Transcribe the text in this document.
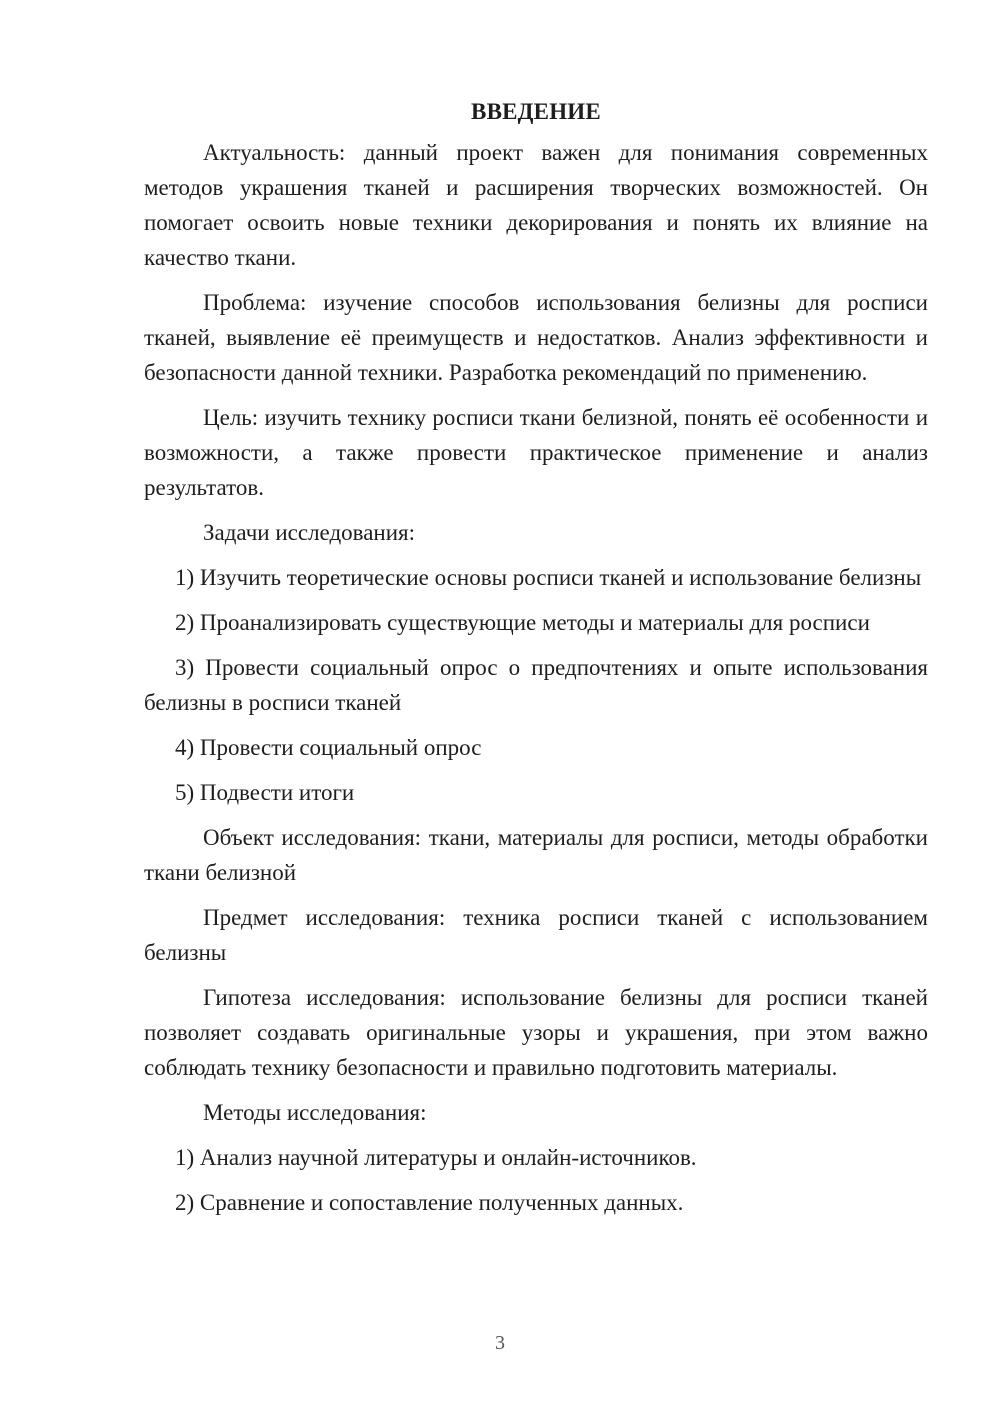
ВВЕДЕНИЕ

Актуальность: данный проект важен для понимания современных методов украшения тканей и расширения творческих возможностей. Он помогает освоить новые техники декорирования и понять их влияние на качество ткани.

Проблема: изучение способов использования белизны для росписи тканей, выявление её преимуществ и недостатков. Анализ эффективности и безопасности данной техники. Разработка рекомендаций по применению.

Цель: изучить технику росписи ткани белизной, понять её особенности и возможности, а также провести практическое применение и анализ результатов.

Задачи исследования:

1) Изучить теоретические основы росписи тканей и использование белизны

2) Проанализировать существующие методы и материалы для росписи

3) Провести социальный опрос о предпочтениях и опыте использования белизны в росписи тканей

4) Провести социальный опрос

5) Подвести итоги

Объект исследования: ткани, материалы для росписи, методы обработки ткани белизной

Предмет исследования: техника росписи тканей с использованием белизны

Гипотеза исследования: использование белизны для росписи тканей позволяет создавать оригинальные узоры и украшения, при этом важно соблюдать технику безопасности и правильно подготовить материалы.

Методы исследования:

1) Анализ научной литературы и онлайн-источников.

2) Сравнение и сопоставление полученных данных.

3
